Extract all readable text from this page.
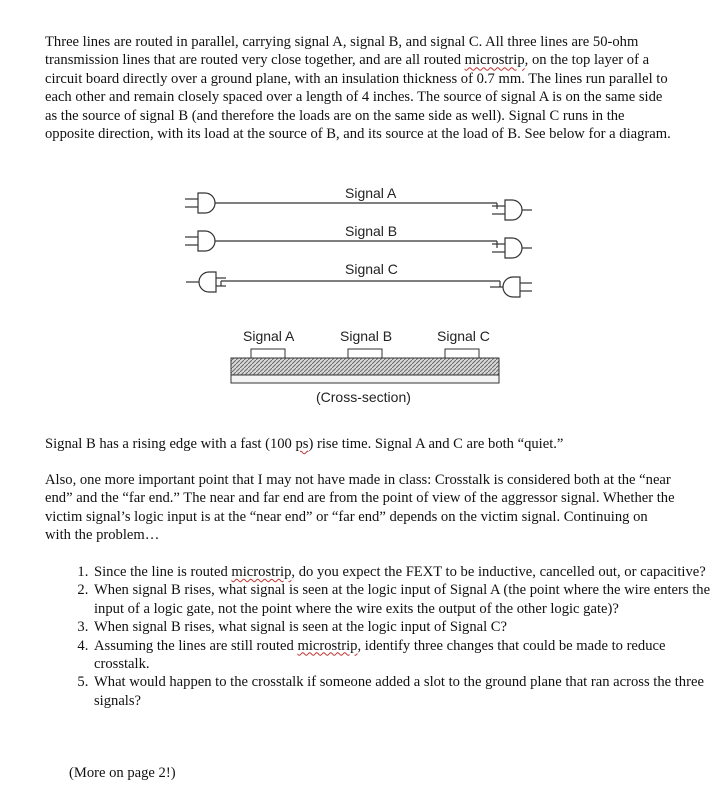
Three lines are routed in parallel, carrying signal A, signal B, and signal C. All three lines are 50-ohm transmission lines that are routed very close together, and are all routed microstrip, on the top layer of a circuit board directly over a ground plane, with an insulation thickness of 0.7 mm. The lines run parallel to each other and remain closely spaced over a length of 4 inches. The source of signal A is on the same side as the source of signal B (and therefore the loads are on the same side as well). Signal C runs in the opposite direction, with its load at the source of B, and its source at the load of B. See below for a diagram.

Signal A
Signal B
Signal C
Signal A	Signal B	Signal C
(Cross-section)

Signal B has a rising edge with a fast (100 ps) rise time. Signal A and C are both “quiet.”

Also, one more important point that I may not have made in class: Crosstalk is considered both at the “near end” and the “far end.” The near and far end are from the point of view of the aggressor signal. Whether the victim signal’s logic input is at the “near end” or “far end” depends on the victim signal. Continuing on with the problem…

1. Since the line is routed microstrip, do you expect the FEXT to be inductive, cancelled out, or capacitive?
2. When signal B rises, what signal is seen at the logic input of Signal A (the point where the wire enters the input of a logic gate, not the point where the wire exits the output of the other logic gate)?
3. When signal B rises, what signal is seen at the logic input of Signal C?
4. Assuming the lines are still routed microstrip, identify three changes that could be made to reduce crosstalk.
5. What would happen to the crosstalk if someone added a slot to the ground plane that ran across the three signals?

(More on page 2!)
